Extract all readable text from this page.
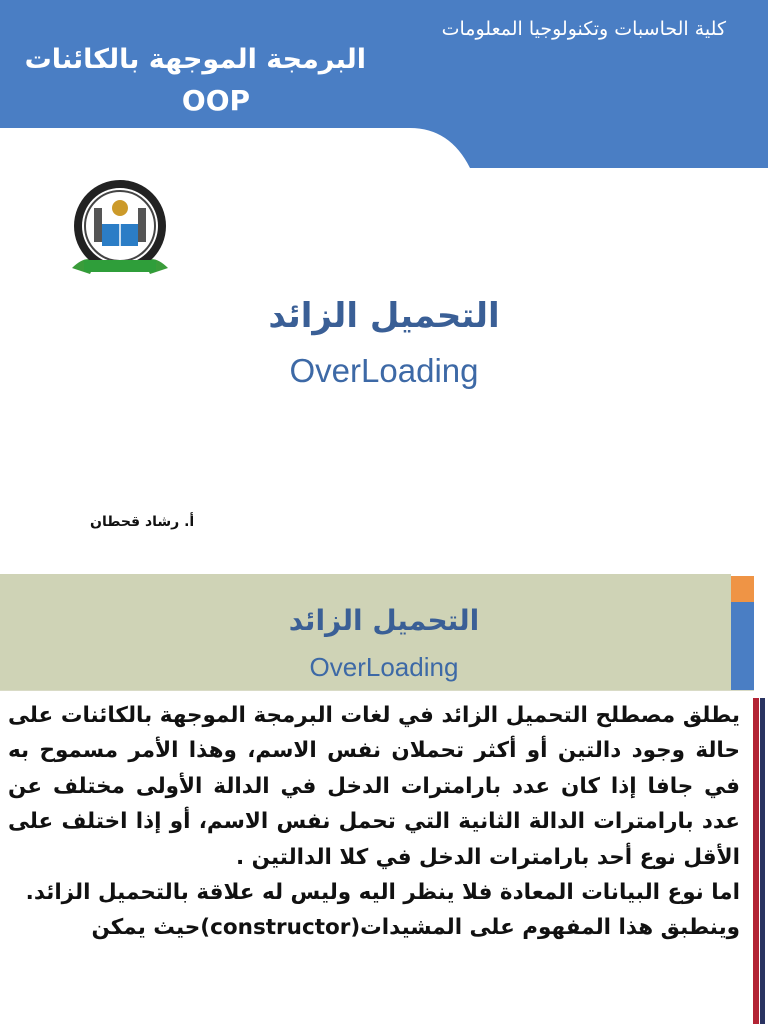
كلية الحاسبات وتكنولوجيا المعلومات
البرمجة الموجهة بالكائنات
OOP
التحميل الزائد
OverLoading
أ. رشاد قحطان
التحميل الزائد
OverLoading

يطلق مصطلح التحميل الزائد في لغات البرمجة الموجهة بالكائنات على حالة وجود دالتين أو أكثر تحملان نفس الاسم، وهذا الأمر مسموح به في جافا إذا كان عدد بارامترات الدخل في الدالة الأولى مختلف عن عدد بارامترات الدالة الثانية التي تحمل نفس الاسم، أو إذا اختلف على الأقل نوع أحد بارامترات الدخل في كلا الدالتين .

اما نوع البيانات المعادة فلا ينظر اليه وليس له علاقة بالتحميل الزائد.

وينطبق هذا المفهوم على المشيدات(constructor)حيث يمكن
